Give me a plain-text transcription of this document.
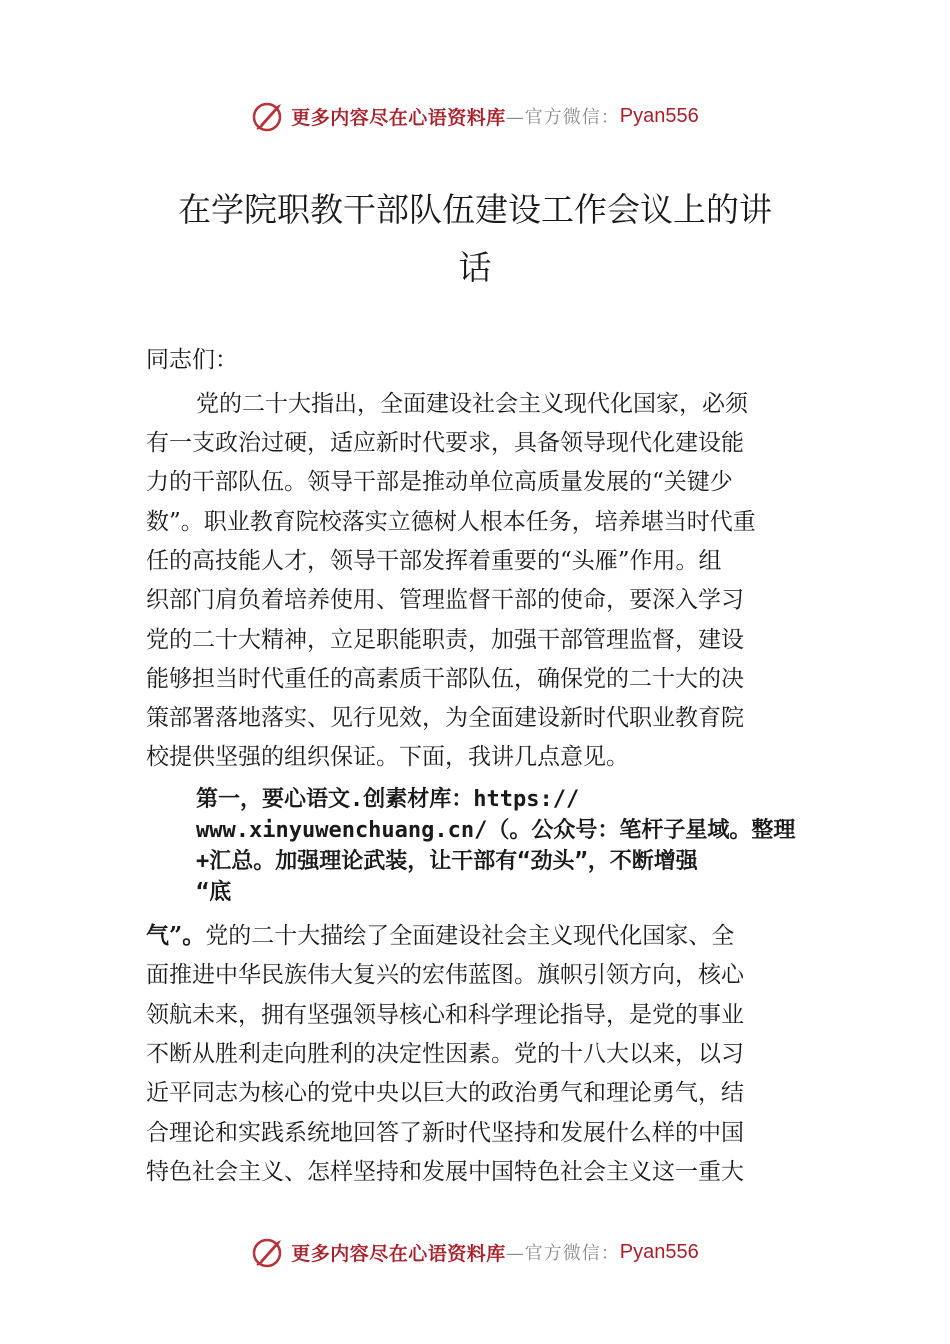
更多内容尽在心语资料库 —官方微信： Pyan556
在学院职教干部队伍建设工作会议上的讲
话
同志们：
党的二十大指出，全面建设社会主义现代化国家，必须
有一支政治过硬，适应新时代要求，具备领导现代化建设能
力的干部队伍。领导干部是推动单位高质量发展的“关键少
数”。职业教育院校落实立德树人根本任务，培养堪当时代重
任的高技能人才，领导干部发挥着重要的“头雁”作用。组
织部门肩负着培养使用、管理监督干部的使命，要深入学习
党的二十大精神，立足职能职责，加强干部管理监督，建设
能够担当时代重任的高素质干部队伍，确保党的二十大的决
策部署落地落实、见行见效，为全面建设新时代职业教育院
校提供坚强的组织保证。下面，我讲几点意见。
第一，要心语文.创素材库：https://
www.xinyuwenchuang.cn/（。公众号：笔杆子星域。整理
+汇总。加强理论武装，让干部有“劲头”，不断增强
“底
气”。党的二十大描绘了全面建设社会主义现代化国家、全
面推进中华民族伟大复兴的宏伟蓝图。旗帜引领方向，核心
领航未来，拥有坚强领导核心和科学理论指导，是党的事业
不断从胜利走向胜利的决定性因素。党的十八大以来，以习
近平同志为核心的党中央以巨大的政治勇气和理论勇气，结
合理论和实践系统地回答了新时代坚持和发展什么样的中国
特色社会主义、怎样坚持和发展中国特色社会主义这一重大
更多内容尽在心语资料库 —官方微信： Pyan556
